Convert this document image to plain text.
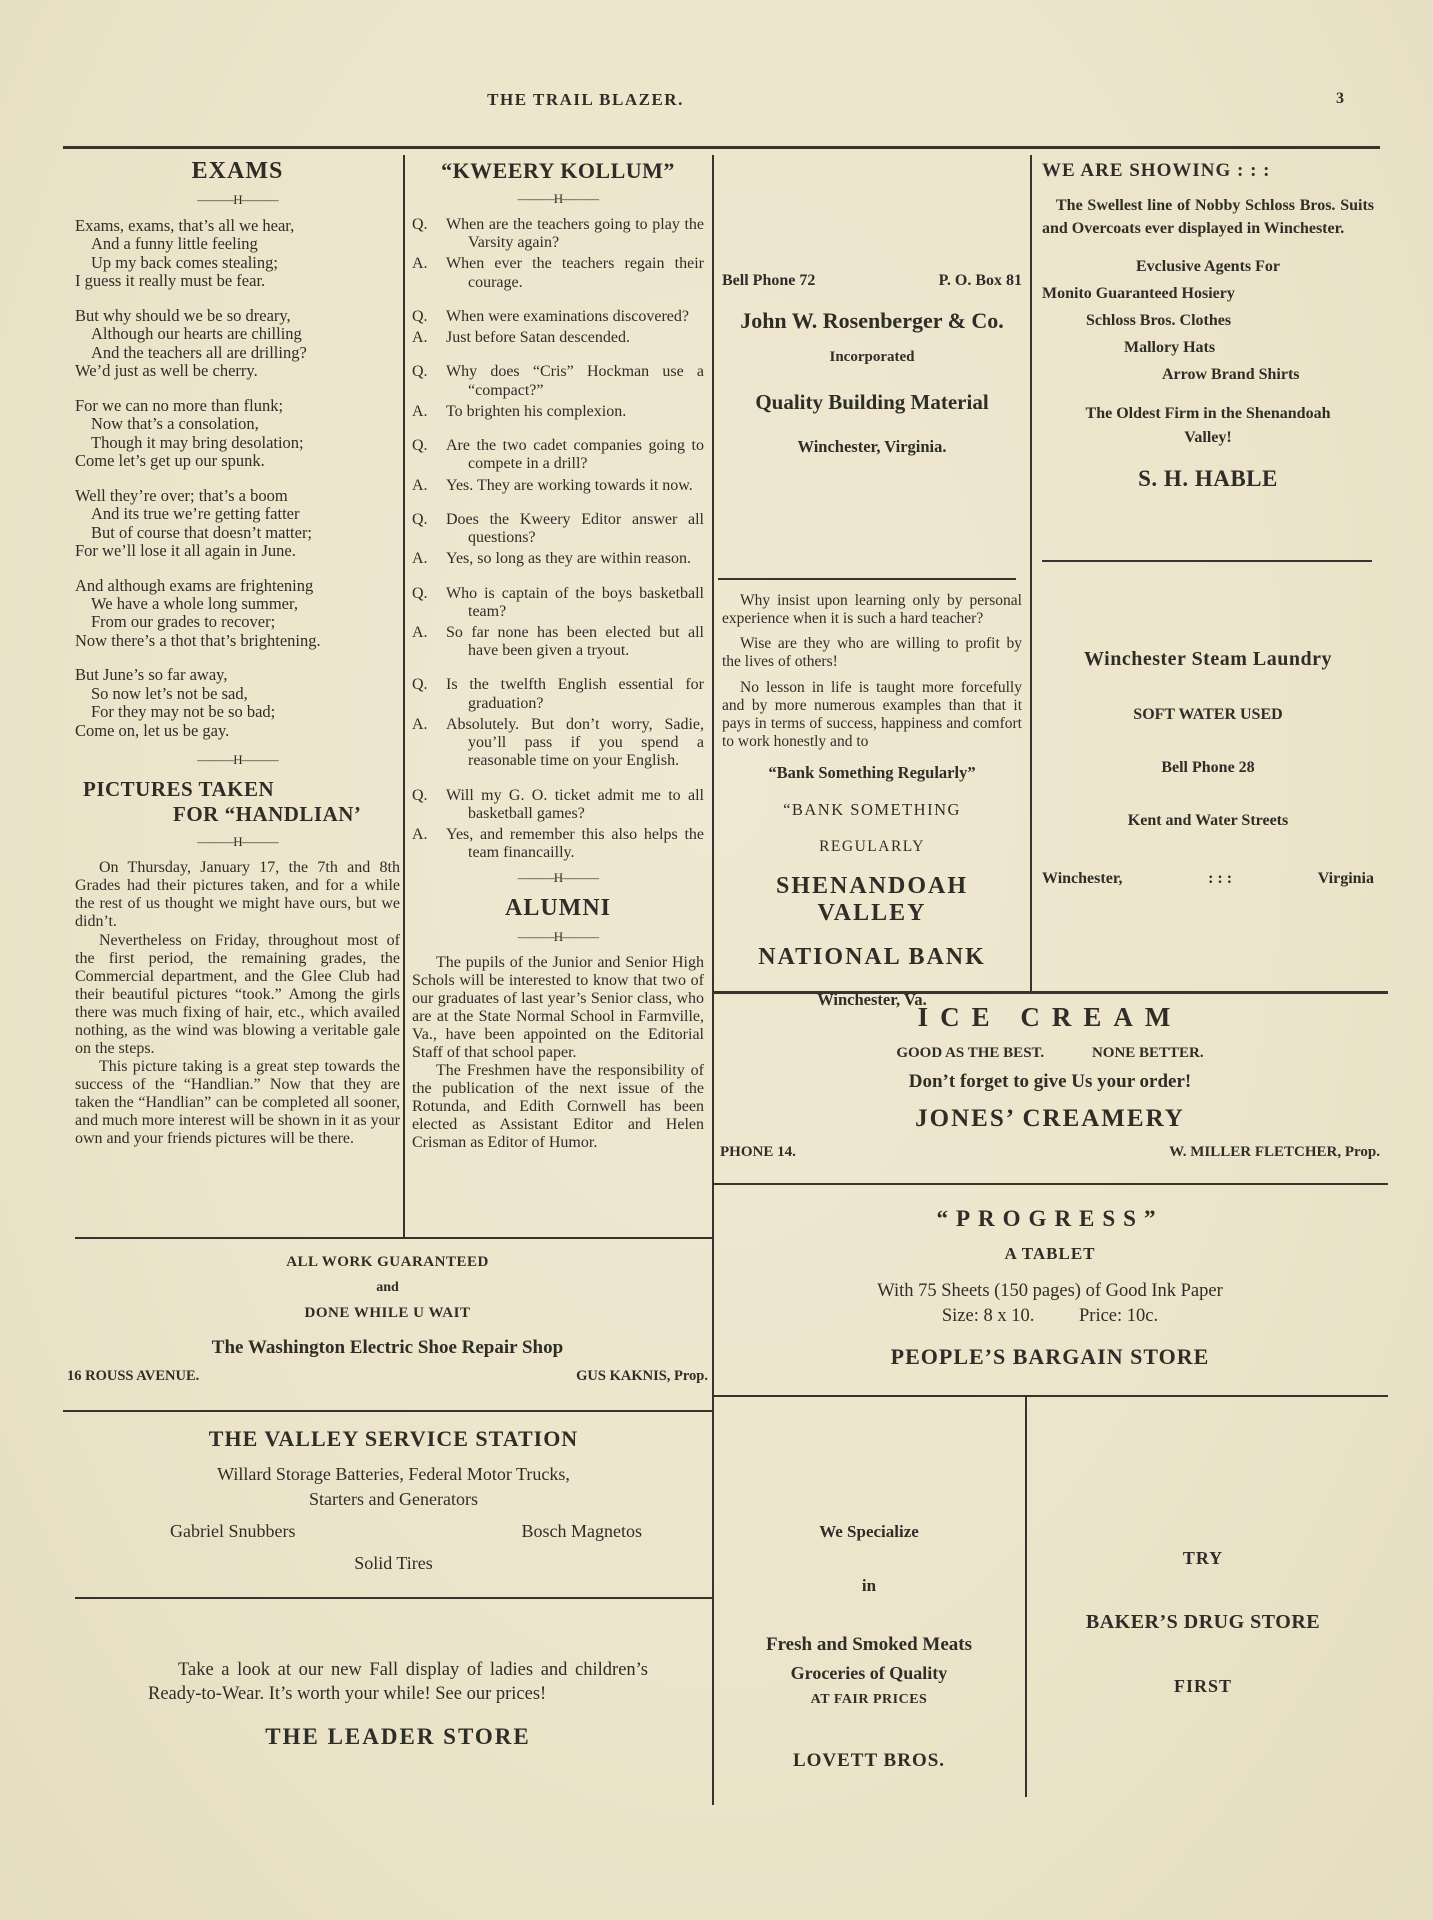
THE TRAIL BLAZER.	3
EXAMS
———H———
Exams, exams, that’s all we hear,
And a funny little feeling
Up my back comes stealing;
I guess it really must be fear.
But why should we be so dreary,
Although our hearts are chilling
And the teachers all are drilling?
We’d just as well be cherry.
For we can no more than flunk;
Now that’s a consolation,
Though it may bring desolation;
Come let’s get up our spunk.
Well they’re over; that’s a boom
And its true we’re getting fatter
But of course that doesn’t matter;
For we’ll lose it all again in June.
And although exams are frightening
We have a whole long summer,
From our grades to recover;
Now there’s a thot that’s brightening.
But June’s so far away,
So now let’s not be sad,
For they may not be so bad;
Come on, let us be gay.
———H———
PICTURES TAKEN
FOR “HANDLIAN’
———H———

On Thursday, January 17, the 7th and 8th Grades had their pictures taken, and for a while the rest of us thought we might have ours, but we didn’t.

Nevertheless on Friday, throughout most of the first period, the remaining grades, the Commercial department, and the Glee Club had their beautiful pictures “took.” Among the girls there was much fixing of hair, etc., which availed nothing, as the wind was blowing a veritable gale on the steps.

This picture taking is a great step towards the success of the “Handlian.” Now that they are taken the “Handlian” can be completed all sooner, and much more interest will be shown in it as your own and your friends pictures will be there.

“KWEERY KOLLUM”
———H———
Q.	When are the teachers going to play the Varsity again?
A.	When ever the teachers regain their courage.
Q.	When were examinations discovered?
A.	Just before Satan descended.
Q.	Why does “Cris” Hockman use a “compact?”
A.	To brighten his complexion.
Q.	Are the two cadet companies going to compete in a drill?
A.	Yes. They are working towards it now.
Q.	Does the Kweery Editor answer all questions?
A.	Yes, so long as they are within reason.
Q.	Who is captain of the boys basketball team?
A.	So far none has been elected but all have been given a tryout.
Q.	Is the twelfth English essential for graduation?
A.	Absolutely. But don’t worry, Sadie, you’ll pass if you spend a reasonable time on your English.
Q.	Will my G. O. ticket admit me to all basketball games?
A.	Yes, and remember this also helps the team financailly.
———H———
ALUMNI
———H———

The pupils of the Junior and Senior High Schols will be interested to know that two of our graduates of last year’s Senior class, who are at the State Normal School in Farmville, Va., have been appointed on the Editorial Staff of that school paper.

The Freshmen have the responsibility of the publication of the next issue of the Rotunda, and Edith Cornwell has been elected as Assistant Editor and Helen Crisman as Editor of Humor.

Bell Phone 72	P. O. Box 81
John W. Rosenberger & Co.
Incorporated
Quality Building Material
Winchester, Virginia.

Why insist upon learning only by personal experience when it is such a hard teacher?

Wise are they who are willing to profit by the lives of others!

No lesson in life is taught more forcefully and by more numerous examples than that it pays in terms of success, happiness and comfort to work honestly and to

“Bank Something Regularly”
“BANK SOMETHING
REGULARLY
SHENANDOAH VALLEY
NATIONAL BANK
Winchester, Va.
WE ARE SHOWING : : :
The Swellest line of Nobby Schloss Bros. Suits and Overcoats ever displayed in Winchester.
Evclusive Agents For
Monito Guaranteed Hosiery
Schloss Bros. Clothes
Mallory Hats
Arrow Brand Shirts
The Oldest Firm in the Shenandoah
Valley!
S. H. HABLE
Winchester Steam Laundry
SOFT WATER USED
Bell Phone 28
Kent and Water Streets
Winchester,	: : :	Virginia
ICE CREAM
GOOD AS THE BEST.	NONE BETTER.
Don’t forget to give Us your order!
JONES’ CREAMERY
PHONE 14.	W. MILLER FLETCHER, Prop.
“PROGRESS”
A TABLET
With 75 Sheets (150 pages) of Good Ink Paper
Size: 8 x 10. Price: 10c.
PEOPLE’S BARGAIN STORE
ALL WORK GUARANTEED
and
DONE WHILE U WAIT
The Washington Electric Shoe Repair Shop
16 ROUSS AVENUE.	GUS KAKNIS, Prop.
THE VALLEY SERVICE STATION
Willard Storage Batteries, Federal Motor Trucks,
Starters and Generators
Gabriel Snubbers	Bosch Magnetos
Solid Tires

Take a look at our new Fall display of ladies and children’s Ready-to-Wear. It’s worth your while! See our prices!

THE LEADER STORE
We Specialize
in
Fresh and Smoked Meats
Groceries of Quality
AT FAIR PRICES
LOVETT BROS.
TRY
BAKER’S DRUG STORE
FIRST
